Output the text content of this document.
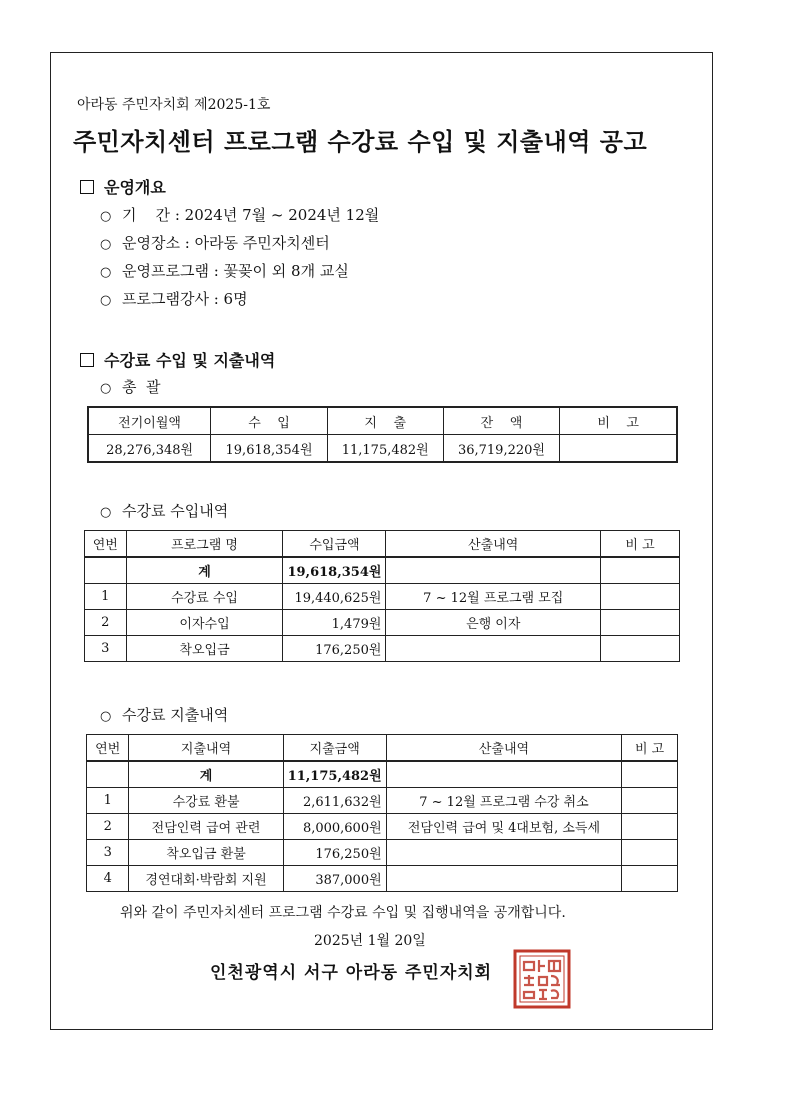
아라동 주민자치회 제2025-1호
주민자치센터 프로그램 수강료 수입 및 지출내역 공고
운영개요
○ 기    간 : 2024년 7월 ~ 2024년 12월
○ 운영장소 : 아라동 주민자치센터
○ 운영프로그램 : 꽃꽂이 외 8개 교실
○ 프로그램강사 : 6명
수강료 수입 및 지출내역
○ 총  괄
전기이월액	수    입	지    출	잔    액	비    고
28,276,348원	19,618,354원	11,175,482원	36,719,220원	
○ 수강료 수입내역
연번	프로그램 명	수입금액	산출내역	비 고
	계	19,618,354원		
1	수강료 수입	19,440,625원	7 ~ 12월 프로그램 모집	
2	이자수입	1,479원	은행 이자	
3	착오입금	176,250원		
○ 수강료 지출내역
연번	지출내역	지출금액	산출내역	비 고
	계	11,175,482원		
1	수강료 환불	2,611,632원	7 ~ 12월 프로그램 수강 취소	
2	전담인력 급여 관련	8,000,600원	전담인력 급여 및 4대보험, 소득세	
3	착오입금 환불	176,250원		
4	경연대회·박람회 지원	387,000원		
위와 같이 주민자치센터 프로그램 수강료 수입 및 집행내역을 공개합니다.
2025년 1월 20일
인천광역시 서구 아라동 주민자치회
